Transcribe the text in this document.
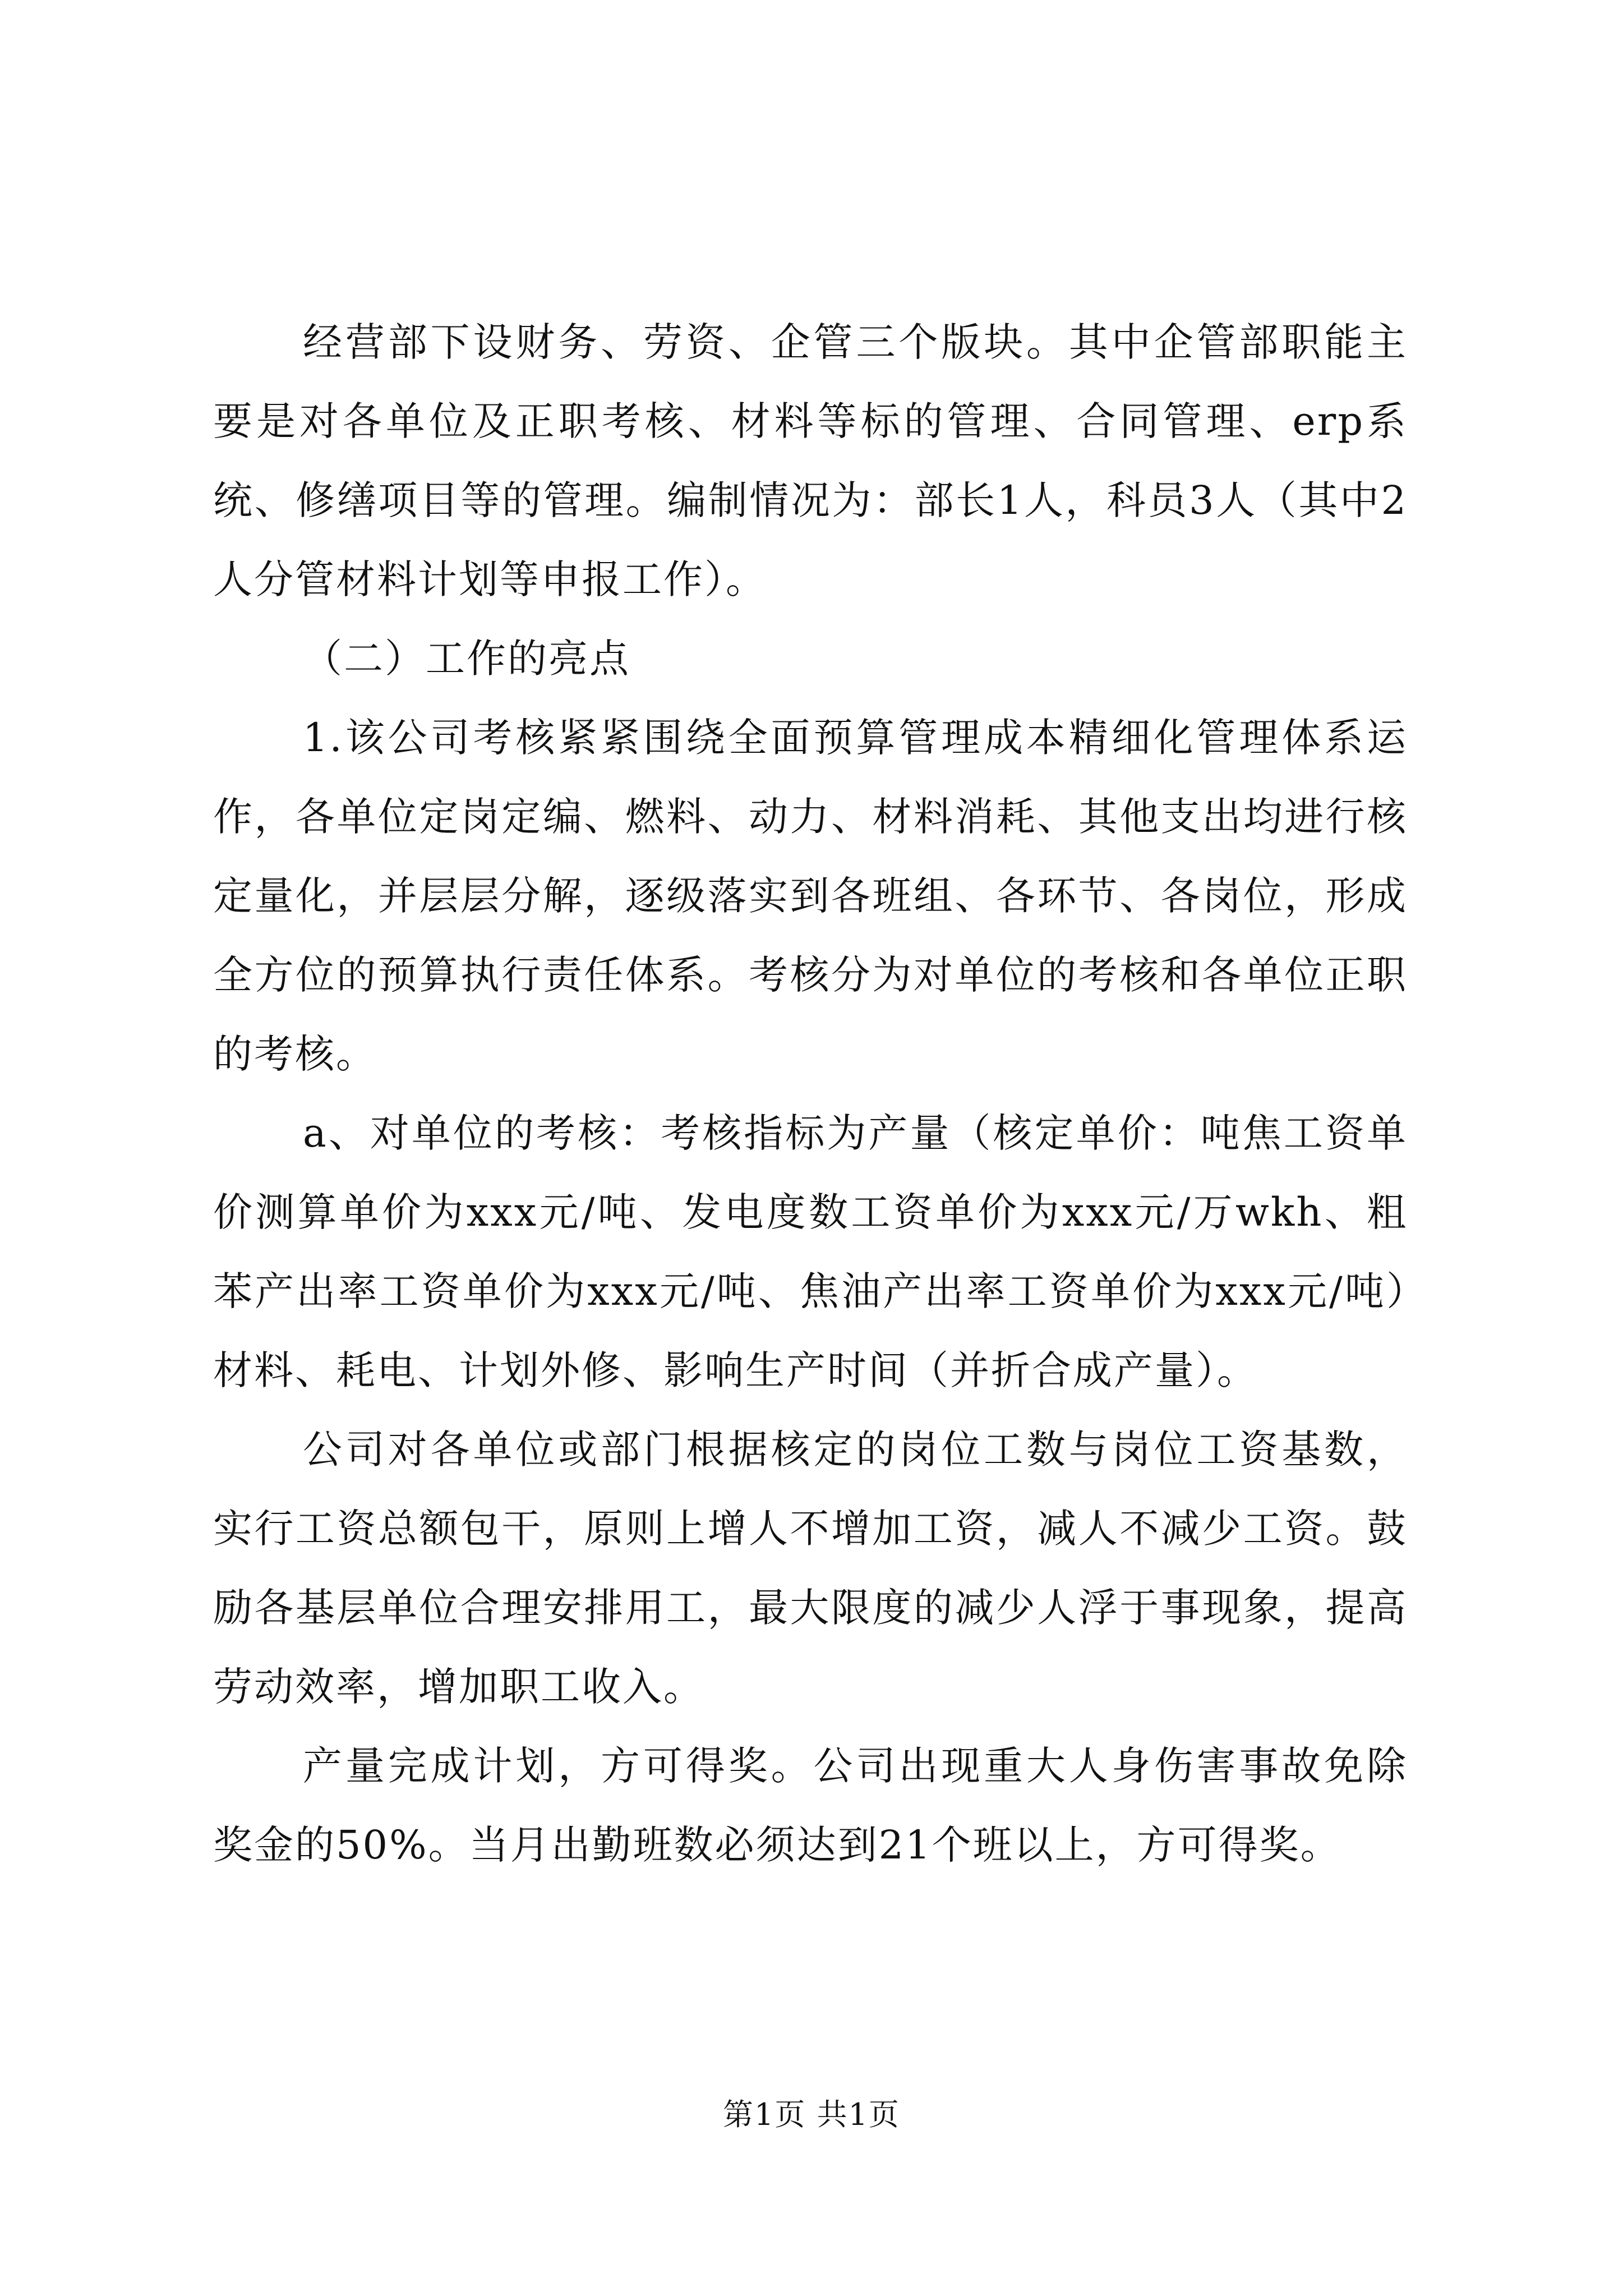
经营部下设财务、劳资、企管三个版块。其中企管部职能主要是对各单位及正职考核、材料等标的管理、合同管理、erp系统、修缮项目等的管理。编制情况为：部长1人，科员3人（其中2人分管材料计划等申报工作）。

（二）工作的亮点

1.该公司考核紧紧围绕全面预算管理成本精细化管理体系运作，各单位定岗定编、燃料、动力、材料消耗、其他支出均进行核定量化，并层层分解，逐级落实到各班组、各环节、各岗位，形成全方位的预算执行责任体系。考核分为对单位的考核和各单位正职的考核。

a、对单位的考核：考核指标为产量（核定单价：吨焦工资单价测算单价为xxx元/吨、发电度数工资单价为xxx元/万wkh、粗苯产出率工资单价为xxx元/吨、焦油产出率工资单价为xxx元/吨）材料、耗电、计划外修、影响生产时间（并折合成产量）。

公司对各单位或部门根据核定的岗位工数与岗位工资基数，实行工资总额包干，原则上增人不增加工资，减人不减少工资。鼓励各基层单位合理安排用工，最大限度的减少人浮于事现象，提高劳动效率，增加职工收入。

产量完成计划，方可得奖。公司出现重大人身伤害事故免除奖金的50%。当月出勤班数必须达到21个班以上，方可得奖。

第1页 共1页
